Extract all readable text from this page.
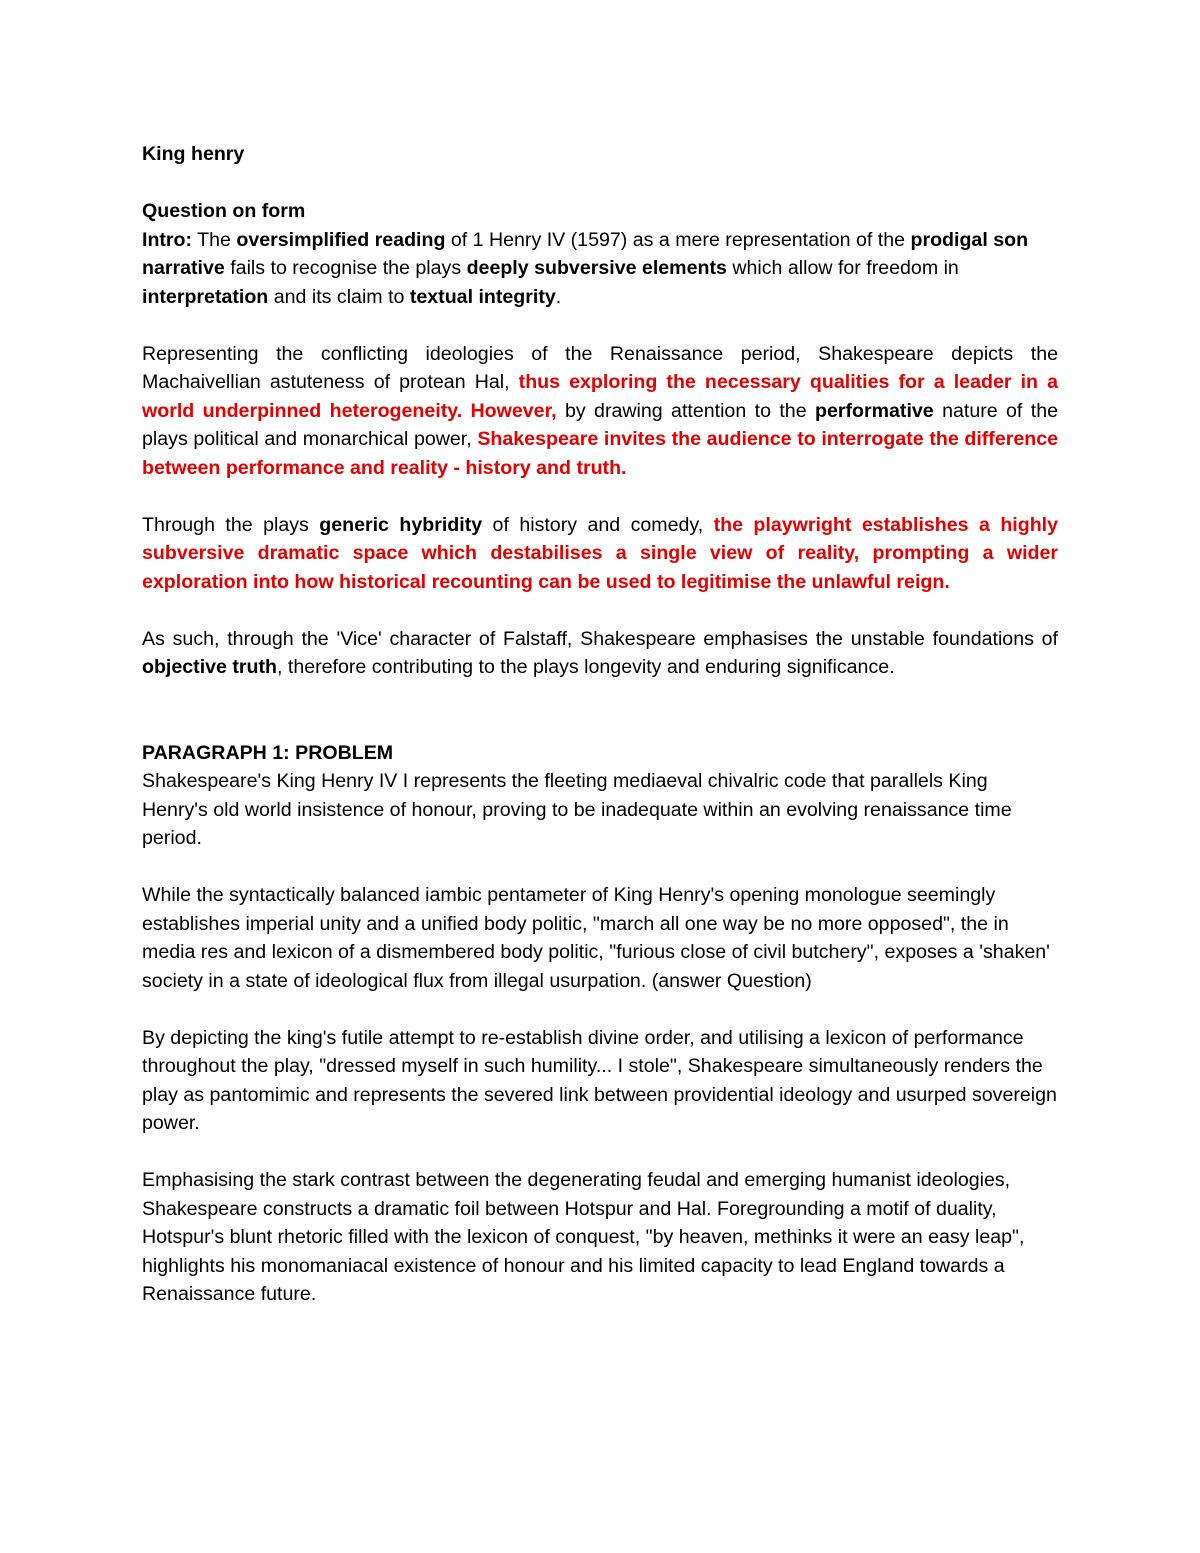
King henry

Question on form

Intro: The oversimplified reading of 1 Henry IV (1597) as a mere representation of the prodigal son narrative fails to recognise the plays deeply subversive elements which allow for freedom in interpretation and its claim to textual integrity.

Representing the conflicting ideologies of the Renaissance period, Shakespeare depicts the Machaivellian astuteness of protean Hal, thus exploring the necessary qualities for a leader in a world underpinned heterogeneity. However, by drawing attention to the performative nature of the plays political and monarchical power, Shakespeare invites the audience to interrogate the difference between performance and reality - history and truth.

Through the plays generic hybridity of history and comedy, the playwright establishes a highly subversive dramatic space which destabilises a single view of reality, prompting a wider exploration into how historical recounting can be used to legitimise the unlawful reign.

As such, through the 'Vice' character of Falstaff, Shakespeare emphasises the unstable foundations of objective truth, therefore contributing to the plays longevity and enduring significance.

PARAGRAPH 1: PROBLEM

Shakespeare's King Henry IV I represents the fleeting mediaeval chivalric code that parallels King Henry's old world insistence of honour, proving to be inadequate within an evolving renaissance time period.

While the syntactically balanced iambic pentameter of King Henry's opening monologue seemingly establishes imperial unity and a unified body politic, "march all one way be no more opposed", the in media res and lexicon of a dismembered body politic, "furious close of civil butchery", exposes a 'shaken' society in a state of ideological flux from illegal usurpation. (answer Question)

By depicting the king's futile attempt to re-establish divine order, and utilising a lexicon of performance throughout the play, "dressed myself in such humility... I stole", Shakespeare simultaneously renders the play as pantomimic and represents the severed link between providential ideology and usurped sovereign power.

Emphasising the stark contrast between the degenerating feudal and emerging humanist ideologies, Shakespeare constructs a dramatic foil between Hotspur and Hal. Foregrounding a motif of duality, Hotspur's blunt rhetoric filled with the lexicon of conquest, "by heaven, methinks it were an easy leap", highlights his monomaniacal existence of honour and his limited capacity to lead England towards a Renaissance future.
